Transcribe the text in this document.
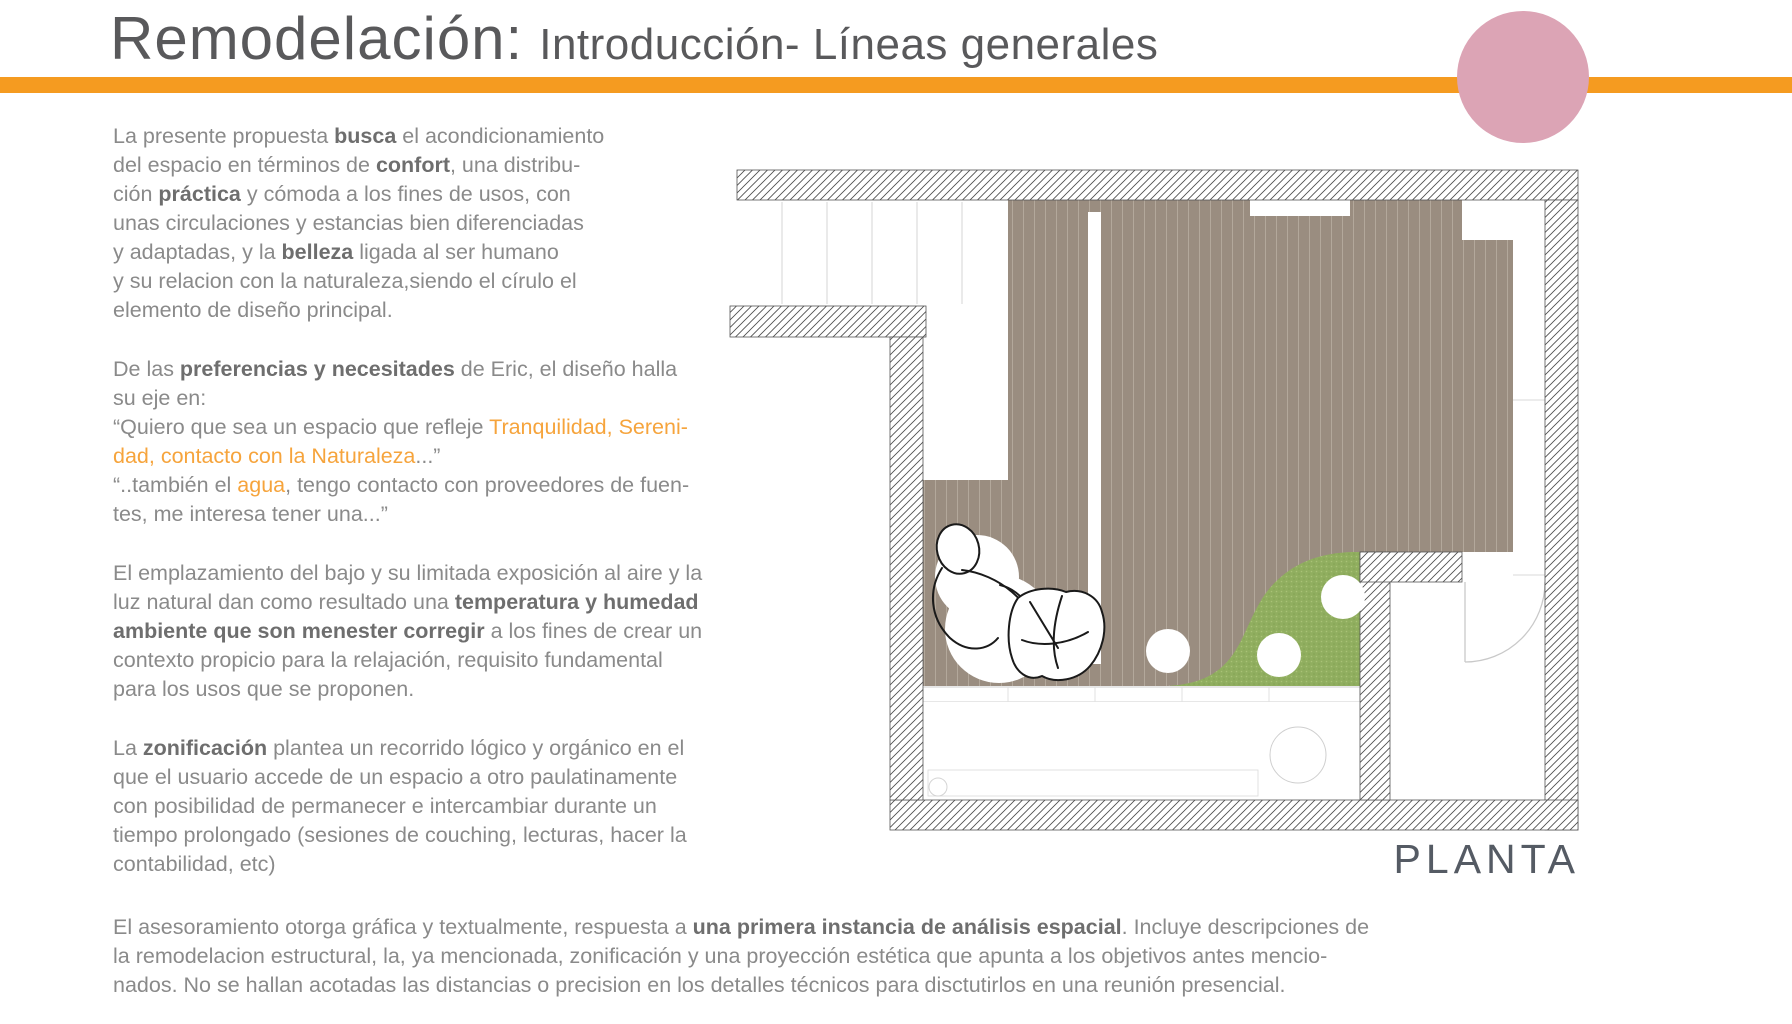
Remodelación: Introducción- Líneas generales
PLANTA

La presente propuesta busca el acondicionamiento
del espacio en términos de confort, una distribu-
ción práctica y cómoda a los fines de usos, con
unas circulaciones y estancias bien diferenciadas
y adaptadas, y la belleza ligada al ser humano
y su relacion con la naturaleza,siendo el círulo el
elemento de diseño principal.

De las preferencias y necesitades de Eric, el diseño halla
su eje en:
“Quiero que sea un espacio que refleje Tranquilidad, Sereni-
dad, contacto con la Naturaleza...”
“..también el agua, tengo contacto con proveedores de fuen-
tes, me interesa tener una...”

El emplazamiento del bajo y su limitada exposición al aire y la
luz natural dan como resultado una temperatura y humedad
ambiente que son menester corregir a los fines de crear un
contexto propicio para la relajación, requisito fundamental
para los usos que se proponen.

La zonificación plantea un recorrido lógico y orgánico en el
que el usuario accede de un espacio a otro paulatinamente
con posibilidad de permanecer e intercambiar durante un
tiempo prolongado (sesiones de couching, lecturas, hacer la
contabilidad, etc)

El asesoramiento otorga gráfica y textualmente, respuesta a una primera instancia de análisis espacial. Incluye descripciones de
la remodelacion estructural, la, ya mencionada, zonificación y una proyección estética que apunta a los objetivos antes mencio-
nados. No se hallan acotadas las distancias o precision en los detalles técnicos para disctutirlos en una reunión presencial.
